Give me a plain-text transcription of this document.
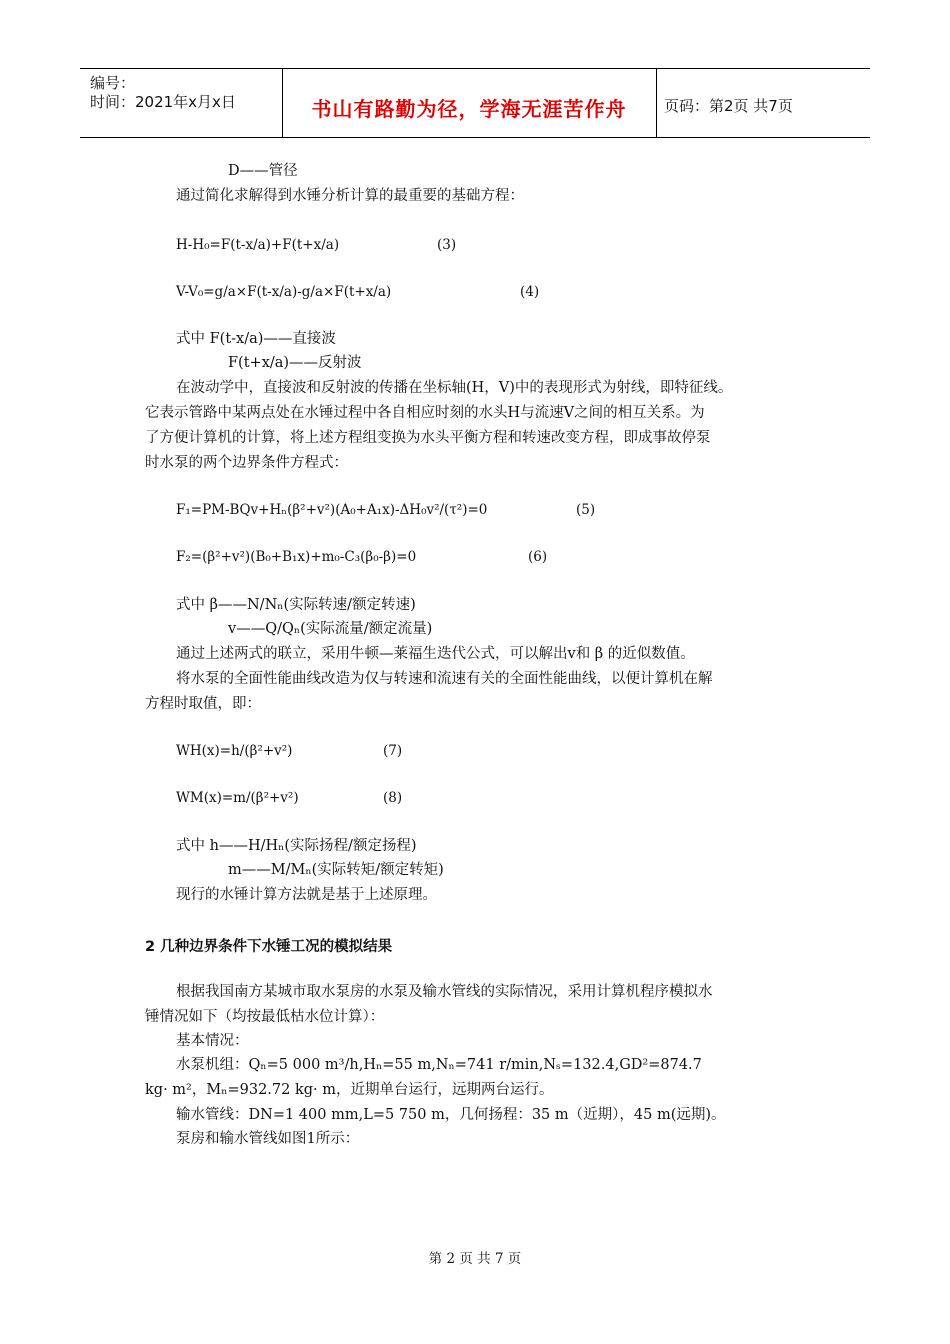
编号：
时间：2021年x月x日	书山有路勤为径，学海无涯苦作舟	页码：第2页 共7页
D——管径
通过简化求解得到水锤分析计算的最重要的基础方程：
H-H₀=F(t-x/a)+F(t+x/a)	(3)
V-V₀=g/a×F(t-x/a)-g/a×F(t+x/a)	(4)
式中 F(t-x/a)——直接波
F(t+x/a)——反射波
在波动学中，直接波和反射波的传播在坐标轴(H，V)中的表现形式为射线，即特征线。
它表示管路中某两点处在水锤过程中各自相应时刻的水头H与流速V之间的相互关系。为
了方便计算机的计算，将上述方程组变换为水头平衡方程和转速改变方程，即成事故停泵
时水泵的两个边界条件方程式：
F₁=PM-BQv+Hₙ(β²+v²)(A₀+A₁x)-ΔH₀v²/(τ²)=0	(5)
F₂=(β²+v²)(B₀+B₁x)+m₀-C₃(β₀-β)=0	(6)
式中 β——N/Nₙ(实际转速/额定转速)
v——Q/Qₙ(实际流量/额定流量)
通过上述两式的联立，采用牛顿—莱福生迭代公式，可以解出v和 β 的近似数值。
将水泵的全面性能曲线改造为仅与转速和流速有关的全面性能曲线，以便计算机在解
方程时取值，即：
WH(x)=h/(β²+v²)	(7)
WM(x)=m/(β²+v²)	(8)
式中 h——H/Hₙ(实际扬程/额定扬程)
m——M/Mₙ(实际转矩/额定转矩)
现行的水锤计算方法就是基于上述原理。
2 几种边界条件下水锤工况的模拟结果
根据我国南方某城市取水泵房的水泵及输水管线的实际情况，采用计算机程序模拟水
锤情况如下（均按最低枯水位计算）：
基本情况：
水泵机组：Qₙ=5 000 m³/h,Hₙ=55 m,Nₙ=741 r/min,Nₛ=132.4,GD²=874.7
kg· m²，Mₙ=932.72 kg· m，近期单台运行，远期两台运行。
输水管线：DN=1 400 mm,L=5 750 m，几何扬程：35 m（近期），45 m(远期)。
泵房和输水管线如图1所示：
第 2 页 共 7 页
